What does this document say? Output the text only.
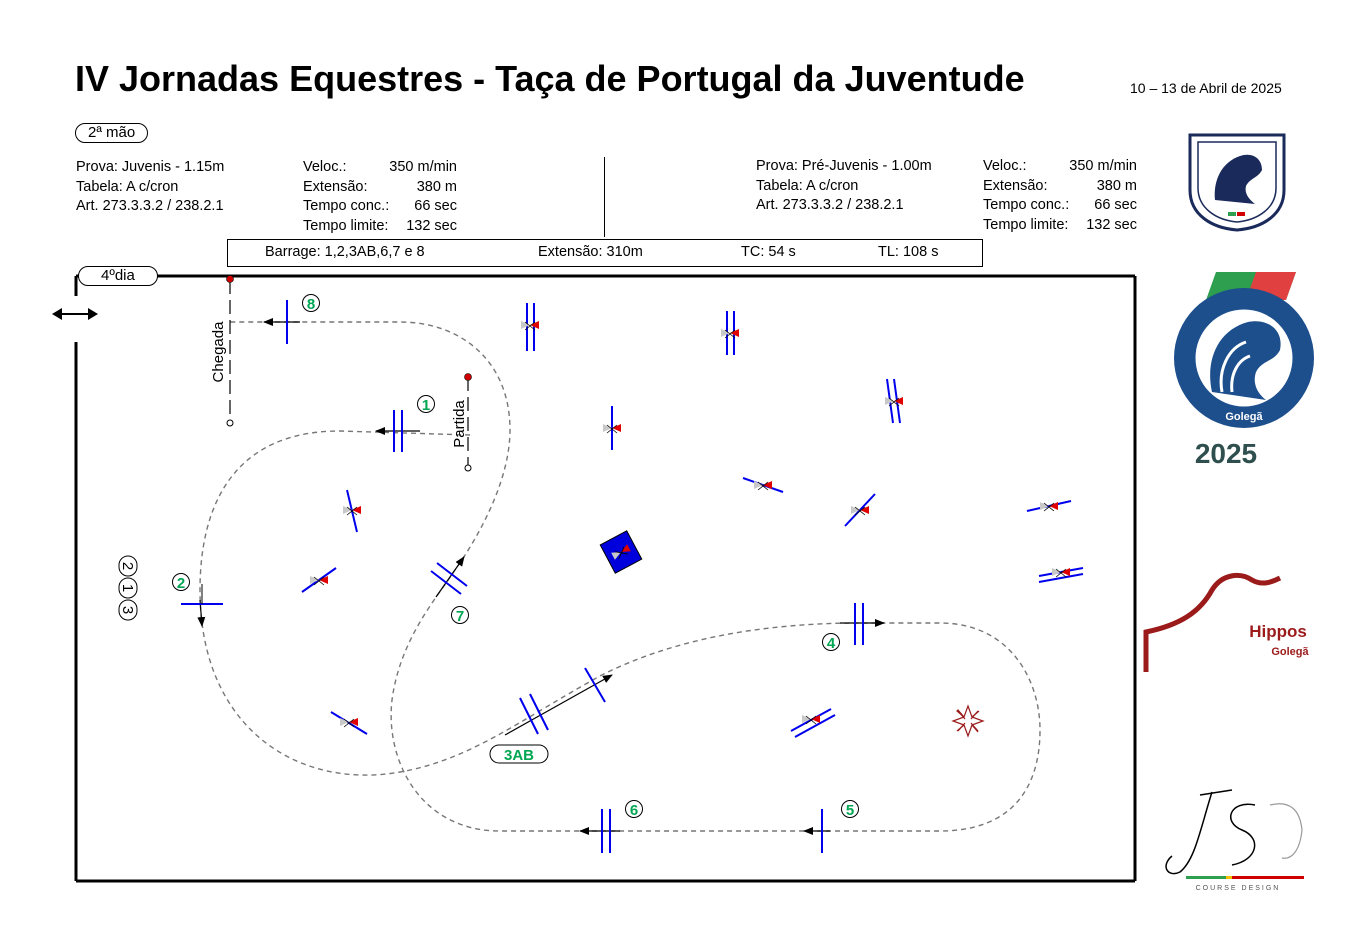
IV Jornadas Equestres - Taça de Portugal da Juventude	10 – 13 de Abril de 2025
2ª mão
Prova: Juvenis - 1.15m
Tabela: A c/cron
Art. 273.3.3.2 / 238.2.1
Veloc.:	350 m/min
Extensão:	380 m
Tempo conc.:	66 sec
Tempo limite:	132 sec
Prova: Pré-Juvenis - 1.00m
Tabela: A c/cron
Art. 273.3.3.2 / 238.2.1
Veloc.:	350 m/min
Extensão:	380 m
Tempo conc.:	66 sec
Tempo limite:	132 sec
Barrage: 1,2,3AB,6,7 e 8	Extensão: 310m	TC: 54 s	TL: 108 s
Partida
Chegada
1
2
3AB
4
5
6
7
8
2
1
3
Golegã
2025
Hippos
Golegã
COURSE DESIGN
4ºdia
